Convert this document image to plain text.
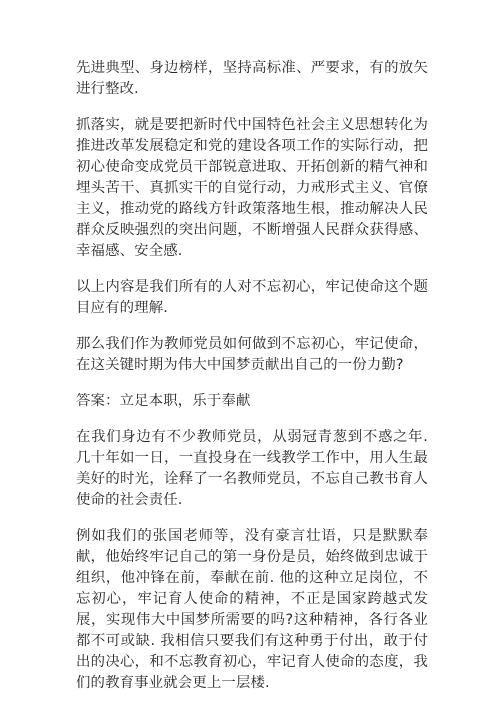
先进典型、身边榜样，坚持高标准、严要求，有的放矢进行整改.

抓落实，就是要把新时代中国特色社会主义思想转化为推进改革发展稳定和党的建设各项工作的实际行动，把初心使命变成党员干部锐意进取、开拓创新的精气神和埋头苦干、真抓实干的自觉行动，力戒形式主义、官僚主义，推动党的路线方针政策落地生根，推动解决人民群众反映强烈的突出问题，不断增强人民群众获得感、幸福感、安全感.

以上内容是我们所有的人对不忘初心，牢记使命这个题目应有的理解.

那么我们作为教师党员如何做到不忘初心，牢记使命，在这关键时期为伟大中国梦贡献出自己的一份力勤?

答案：立足本职，乐于奉献

在我们身边有不少教师党员，从弱冠青葱到不惑之年. 几十年如一日，一直投身在一线教学工作中，用人生最美好的时光，诠释了一名教师党员，不忘自己教书育人使命的社会责任.

例如我们的张国老师等，没有豪言壮语，只是默默奉献，他始终牢记自己的第一身份是员，始终做到忠诚于组织，他冲锋在前，奉献在前. 他的这种立足岗位，不忘初心，牢记育人使命的精神，不正是国家跨越式发展，实现伟大中国梦所需要的吗?这种精神，各行各业都不可或缺. 我相信只要我们有这种勇于付出，敢于付出的决心，和不忘教育初心，牢记育人使命的态度，我们的教育事业就会更上一层楼.
